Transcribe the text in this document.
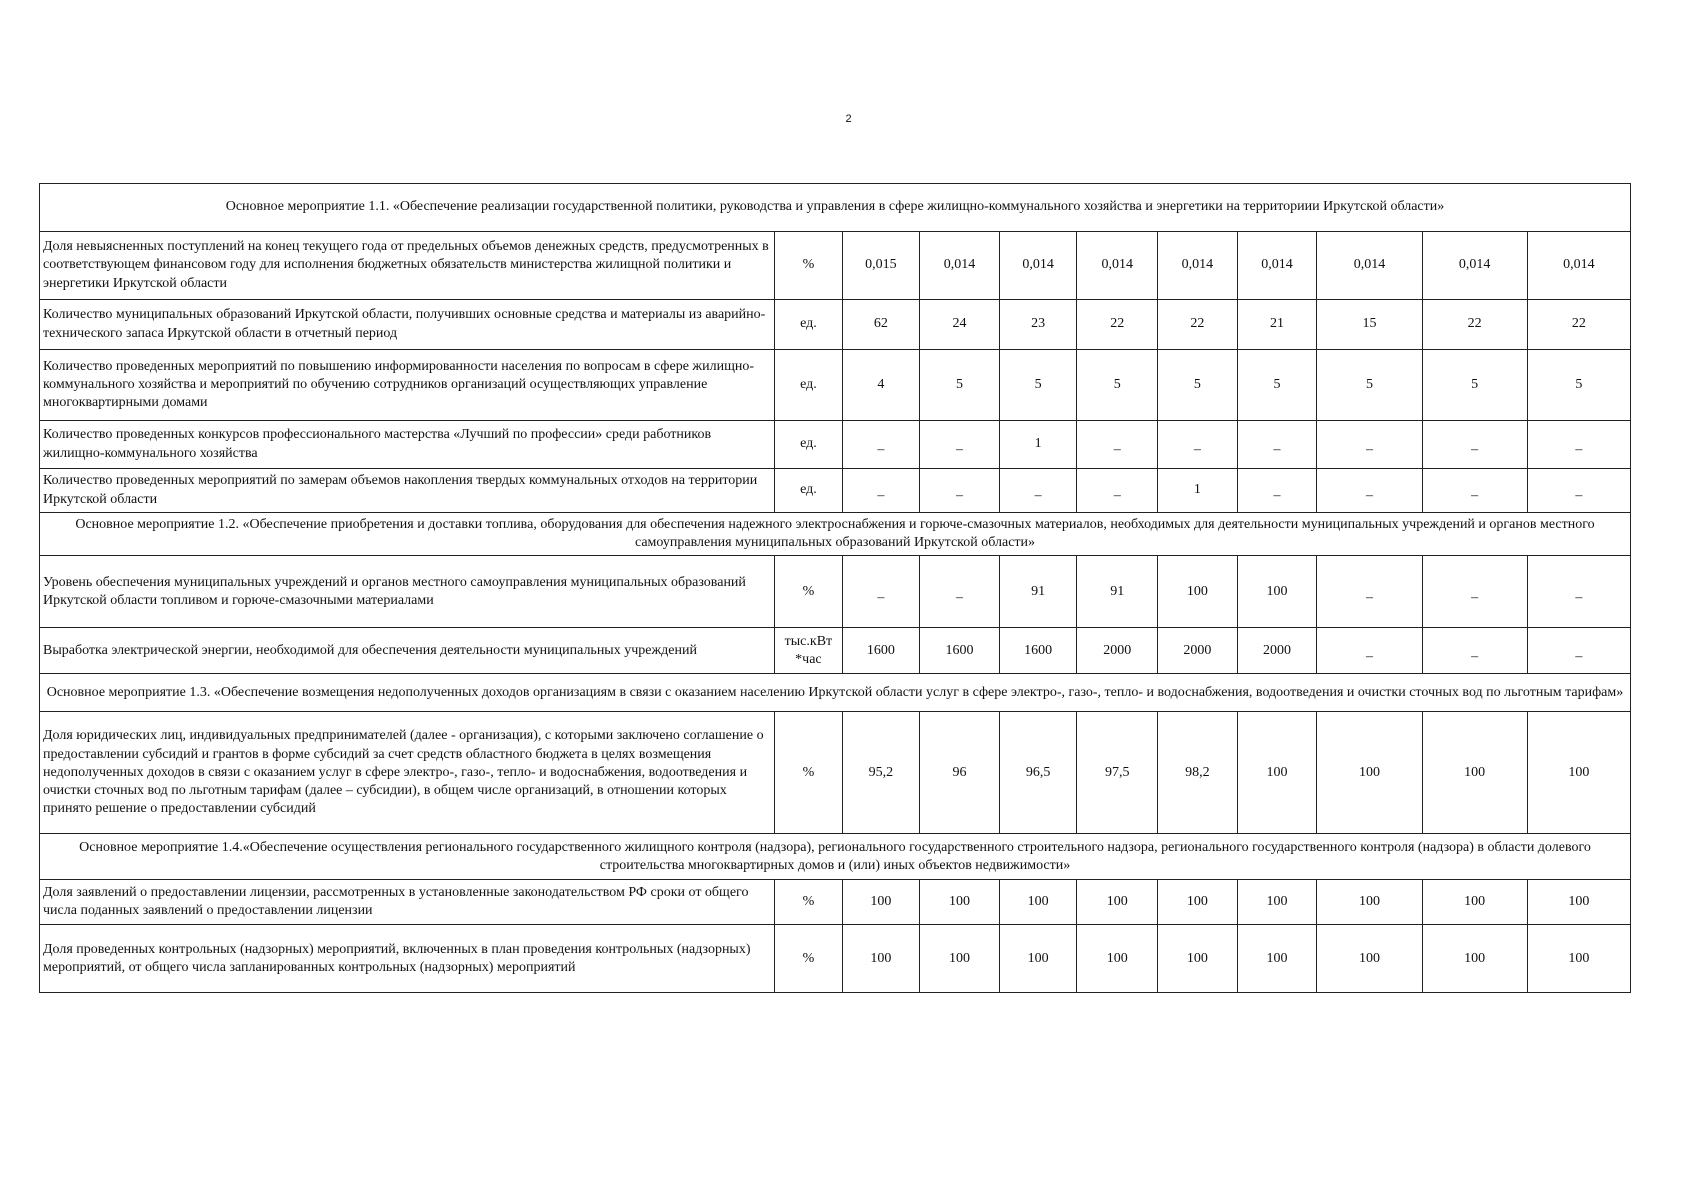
2
Основное мероприятие 1.1. «Обеспечение реализации государственной политики, руководства и управления в сфере жилищно-коммунального хозяйства и энергетики на территориии Иркутской области»										
Доля невыясненных поступлений на конец текущего года от предельных объемов денежных средств, предусмотренных в соответствующем финансовом году для исполнения бюджетных обязательств министерства жилищной политики и энергетики Иркутской области	%	0,015	0,014	0,014	0,014	0,014	0,014	0,014	0,014	0,014
Количество муниципальных образований Иркутской области, получивших основные средства и материалы из аварийно-технического запаса Иркутской области в отчетный период	ед.	62	24	23	22	22	21	15	22	22
Количество проведенных мероприятий по повышению информированности населения по вопросам в сфере жилищно-коммунального хозяйства и мероприятий по обучению сотрудников организаций осуществляющих управление многоквартирными домами	ед.	4	5	5	5	5	5	5	5	5
Количество проведенных конкурсов профессионального мастерства «Лучший по профессии» среди работников жилищно-коммунального хозяйства	ед.	–	–	1	–	–	–	–	–	–
Количество проведенных мероприятий по замерам объемов накопления твердых коммунальных отходов на территории Иркутской области	ед.	–	–	–	–	1	–	–	–	–
Основное мероприятие 1.2. «Обеспечение приобретения и доставки топлива, оборудования для обеспечения надежного электроснабжения и горюче-смазочных материалов, необходимых для деятельности муниципальных учреждений и органов местного самоуправления муниципальных образований Иркутской области»										
Уровень обеспечения муниципальных учреждений и органов местного самоуправления муниципальных образований Иркутской области топливом и горюче-смазочными материалами	%	–	–	91	91	100	100	–	–	–
Выработка электрической энергии, необходимой для обеспечения деятельности муниципальных учреждений	тыс.кВт *час	1600	1600	1600	2000	2000	2000	–	–	–
Основное мероприятие 1.3. «Обеспечение возмещения недополученных доходов организациям в связи с оказанием населению Иркутской области услуг в сфере электро-, газо-, тепло- и водоснабжения, водоотведения и очистки сточных вод по льготным тарифам»										
Доля юридических лиц, индивидуальных предпринимателей (далее - организация), с которыми заключено соглашение о предоставлении субсидий и грантов в форме субсидий за счет средств областного бюджета в целях возмещения недополученных доходов в связи с оказанием услуг в сфере электро-, газо-, тепло- и водоснабжения, водоотведения и очистки сточных вод по льготным тарифам (далее – субсидии), в общем числе организаций, в отношении которых принято решение о предоставлении субсидий	%	95,2	96	96,5	97,5	98,2	100	100	100	100
Основное мероприятие 1.4.«Обеспечение осуществления регионального государственного жилищного контроля (надзора), регионального государственного строительного надзора, регионального государственного контроля (надзора) в области долевого строительства многоквартирных домов и (или) иных объектов недвижимости»										
Доля заявлений о предоставлении лицензии, рассмотренных в установленные законодательством РФ сроки от общего числа поданных заявлений о предоставлении лицензии	%	100	100	100	100	100	100	100	100	100
Доля проведенных контрольных (надзорных) мероприятий, включенных в план проведения контрольных (надзорных) мероприятий, от общего числа запланированных контрольных (надзорных) мероприятий	%	100	100	100	100	100	100	100	100	100
